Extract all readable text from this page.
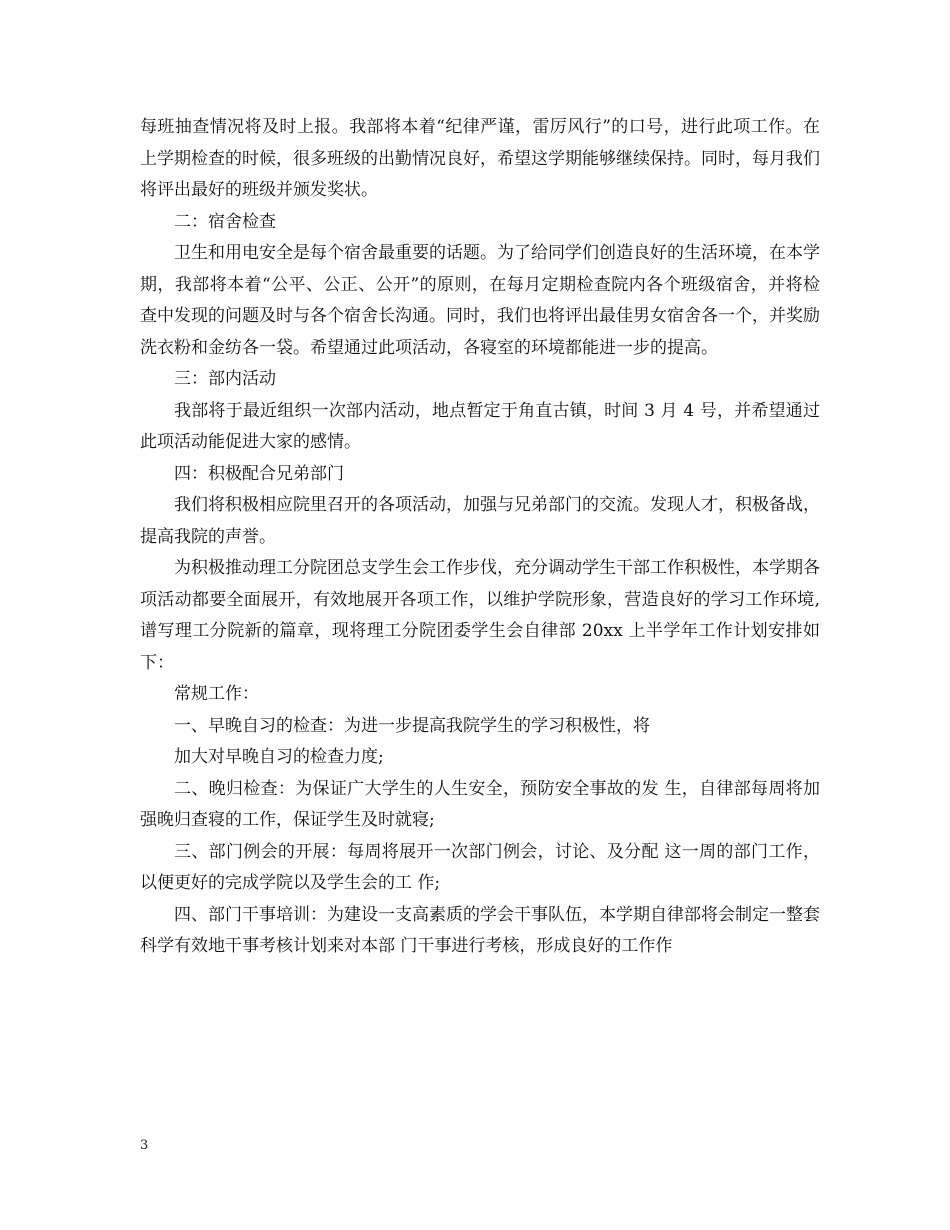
每班抽查情况将及时上报。我部将本着“纪律严谨，雷厉风行”的口号，进行此项工作。在上学期检查的时候，很多班级的出勤情况良好，希望这学期能够继续保持。同时，每月我们将评出最好的班级并颁发奖状。

二：宿舍检查

卫生和用电安全是每个宿舍最重要的话题。为了给同学们创造良好的生活环境，在本学期，我部将本着“公平、公正、公开”的原则，在每月定期检查院内各个班级宿舍，并将检查中发现的问题及时与各个宿舍长沟通。同时，我们也将评出最佳男女宿舍各一个，并奖励洗衣粉和金纺各一袋。希望通过此项活动，各寝室的环境都能进一步的提高。

三：部内活动

我部将于最近组织一次部内活动，地点暂定于角直古镇，时间 3 月 4 号，并希望通过此项活动能促进大家的感情。

四：积极配合兄弟部门

我们将积极相应院里召开的各项活动，加强与兄弟部门的交流。发现人才，积极备战，提高我院的声誉。

为积极推动理工分院团总支学生会工作步伐，充分调动学生干部工作积极性，本学期各项活动都要全面展开，有效地展开各项工作，以维护学院形象，营造良好的学习工作环境,谱写理工分院新的篇章，现将理工分院团委学生会自律部 20xx 上半学年工作计划安排如下：

常规工作：

一、早晚自习的检查：为进一步提高我院学生的学习积极性，将

加大对早晚自习的检查力度;

二、晚归检查：为保证广大学生的人生安全，预防安全事故的发 生，自律部每周将加强晚归查寝的工作，保证学生及时就寝;

三、部门例会的开展：每周将展开一次部门例会，讨论、及分配 这一周的部门工作，以便更好的完成学院以及学生会的工 作;

四、部门干事培训：为建设一支高素质的学会干事队伍，本学期自律部将会制定一整套科学有效地干事考核计划来对本部 门干事进行考核，形成良好的工作作

3
